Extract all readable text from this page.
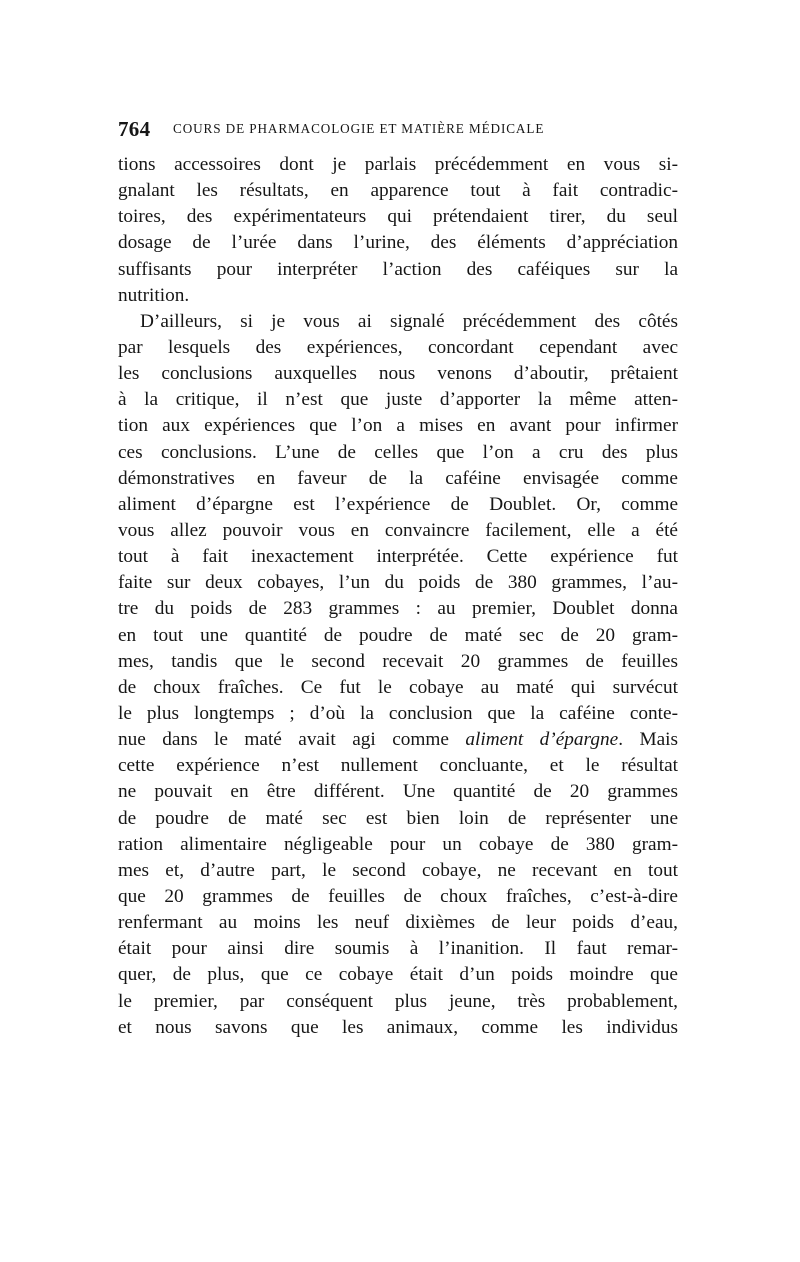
764 COURS DE PHARMACOLOGIE ET MATIÈRE MÉDICALE
tions accessoires dont je parlais précédemment en vous si-
gnalant les résultats, en apparence tout à fait contradic-
toires, des expérimentateurs qui prétendaient tirer, du seul
dosage de l’urée dans l’urine, des éléments d’appréciation
suffisants pour interpréter l’action des caféiques sur la
nutrition.
D’ailleurs, si je vous ai signalé précédemment des côtés
par lesquels des expériences, concordant cependant avec
les conclusions auxquelles nous venons d’aboutir, prêtaient
à la critique, il n’est que juste d’apporter la même atten-
tion aux expériences que l’on a mises en avant pour infirmer
ces conclusions. L’une de celles que l’on a cru des plus
démonstratives en faveur de la caféine envisagée comme
aliment d’épargne est l’expérience de Doublet. Or, comme
vous allez pouvoir vous en convaincre facilement, elle a été
tout à fait inexactement interprétée. Cette expérience fut
faite sur deux cobayes, l’un du poids de 380 grammes, l’au-
tre du poids de 283 grammes : au premier, Doublet donna
en tout une quantité de poudre de maté sec de 20 gram-
mes, tandis que le second recevait 20 grammes de feuilles
de choux fraîches. Ce fut le cobaye au maté qui survécut
le plus longtemps ; d’où la conclusion que la caféine conte-
nue dans le maté avait agi comme aliment d’épargne. Mais
cette expérience n’est nullement concluante, et le résultat
ne pouvait en être différent. Une quantité de 20 grammes
de poudre de maté sec est bien loin de représenter une
ration alimentaire négligeable pour un cobaye de 380 gram-
mes et, d’autre part, le second cobaye, ne recevant en tout
que 20 grammes de feuilles de choux fraîches, c’est-à-dire
renfermant au moins les neuf dixièmes de leur poids d’eau,
était pour ainsi dire soumis à l’inanition. Il faut remar-
quer, de plus, que ce cobaye était d’un poids moindre que
le premier, par conséquent plus jeune, très probablement,
et nous savons que les animaux, comme les individus
